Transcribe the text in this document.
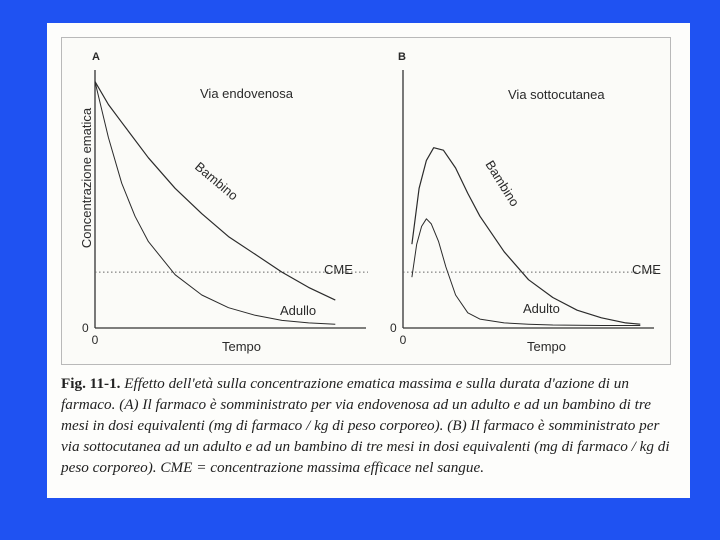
A
Via endovenosa
Concentrazione ematica
Tempo
0
0
CME
Bambino
Adullo
B
Via sottocutanea
Tempo
0
0
CME
Bambino
Adulto
Fig. 11-1. Effetto dell'età sulla concentrazione ematica massima e sulla durata d'azione di un farmaco. (A) Il farmaco è somministrato per via endovenosa ad un adulto e ad un bambino di tre mesi in dosi equivalenti (mg di farmaco / kg di peso corporeo). (B) Il farmaco è somministrato per via sottocutanea ad un adulto e ad un bambino di tre mesi in dosi equivalenti (mg di farmaco / kg di peso corporeo). CME = concentrazione massima efficace nel sangue.
